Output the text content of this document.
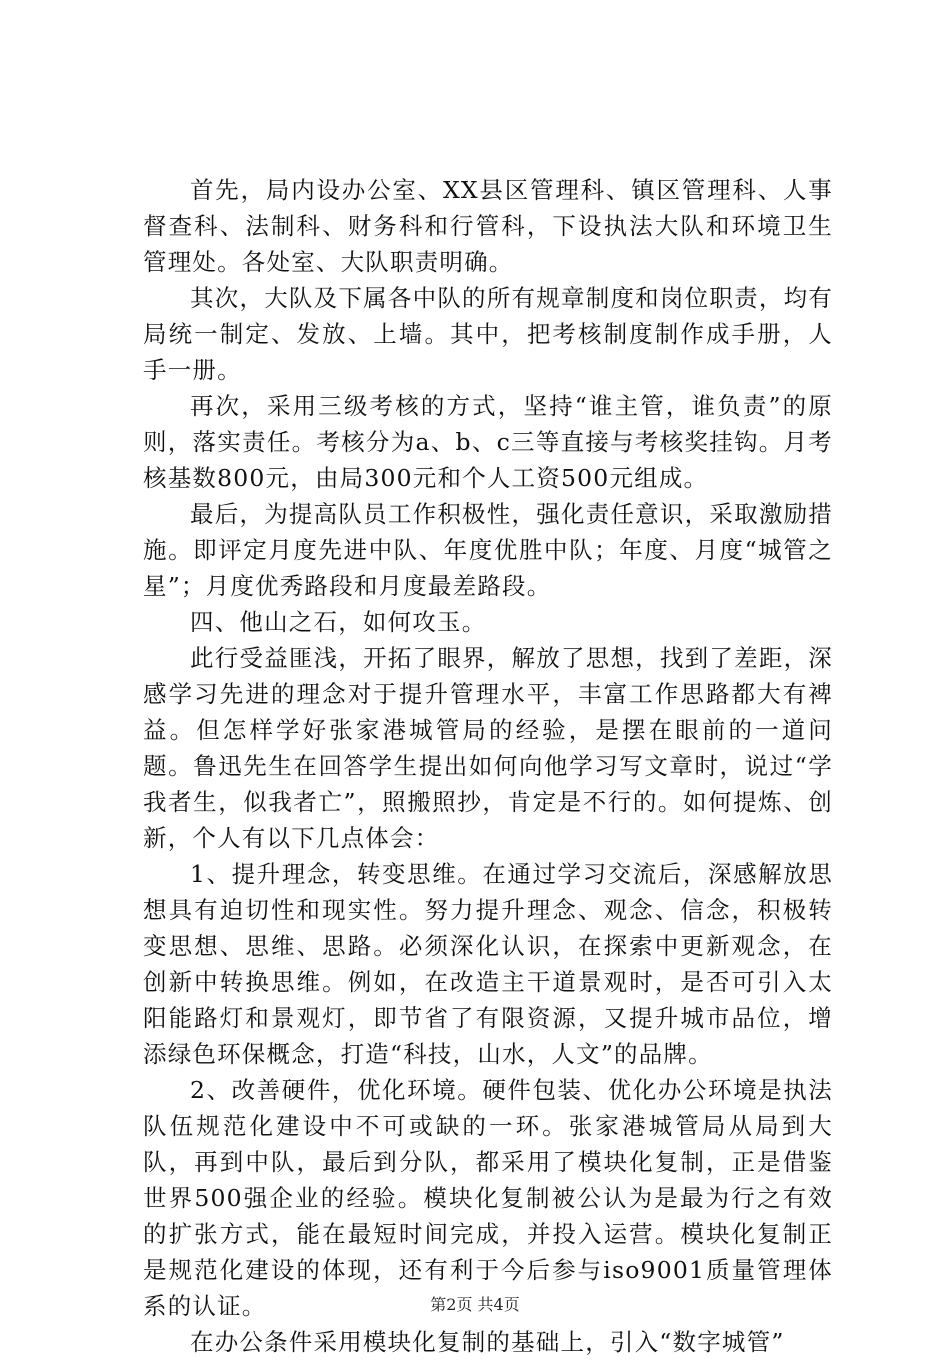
首先，局内设办公室、XX县区管理科、镇区管理科、人事督查科、法制科、财务科和行管科，下设执法大队和环境卫生管理处。各处室、大队职责明确。

其次，大队及下属各中队的所有规章制度和岗位职责，均有局统一制定、发放、上墙。其中，把考核制度制作成手册，人手一册。

再次，采用三级考核的方式，坚持“谁主管，谁负责”的原则，落实责任。考核分为a、b、c三等直接与考核奖挂钩。月考核基数800元，由局300元和个人工资500元组成。

最后，为提高队员工作积极性，强化责任意识，采取激励措施。即评定月度先进中队、年度优胜中队；年度、月度“城管之星”；月度优秀路段和月度最差路段。

四、他山之石，如何攻玉。

此行受益匪浅，开拓了眼界，解放了思想，找到了差距，深感学习先进的理念对于提升管理水平，丰富工作思路都大有裨益。但怎样学好张家港城管局的经验，是摆在眼前的一道问题。鲁迅先生在回答学生提出如何向他学习写文章时，说过“学我者生，似我者亡”，照搬照抄，肯定是不行的。如何提炼、创新，个人有以下几点体会：

1、提升理念，转变思维。在通过学习交流后，深感解放思想具有迫切性和现实性。努力提升理念、观念、信念，积极转变思想、思维、思路。必须深化认识，在探索中更新观念，在创新中转换思维。例如，在改造主干道景观时，是否可引入太阳能路灯和景观灯，即节省了有限资源，又提升城市品位，增添绿色环保概念，打造“科技，山水，人文”的品牌。

2、改善硬件，优化环境。硬件包装、优化办公环境是执法队伍规范化建设中不可或缺的一环。张家港城管局从局到大队，再到中队，最后到分队，都采用了模块化复制，正是借鉴世界500强企业的经验。模块化复制被公认为是最为行之有效的扩张方式，能在最短时间完成，并投入运营。模块化复制正是规范化建设的体现，还有利于今后参与iso9001质量管理体系的认证。

在办公条件采用模块化复制的基础上，引入“数字城管”

第2页 共4页
